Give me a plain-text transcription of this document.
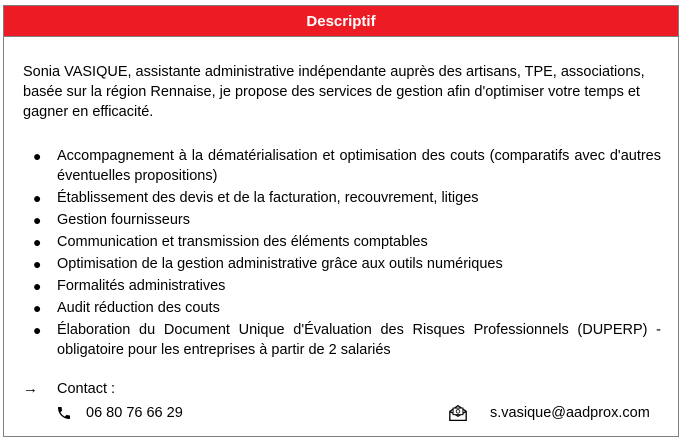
Descriptif
Sonia VASIQUE, assistante administrative indépendante auprès des artisans, TPE, associations, basée sur la région Rennaise, je propose des services de gestion afin d'optimiser votre temps et gagner en efficacité.
● Accompagnement à la dématérialisation et optimisation des couts (comparatifs avec d'autres éventuelles propositions)
● Établissement des devis et de la facturation, recouvrement, litiges
● Gestion fournisseurs
● Communication et transmission des éléments comptables
● Optimisation de la gestion administrative grâce aux outils numériques
● Formalités administratives
● Audit réduction des couts
● Élaboration du Document Unique d'Évaluation des Risques Professionnels (DUPERP) - obligatoire pour les entreprises à partir de 2 salariés
→	Contact :
06 80 76 66 29	s.vasique@aadprox.com
